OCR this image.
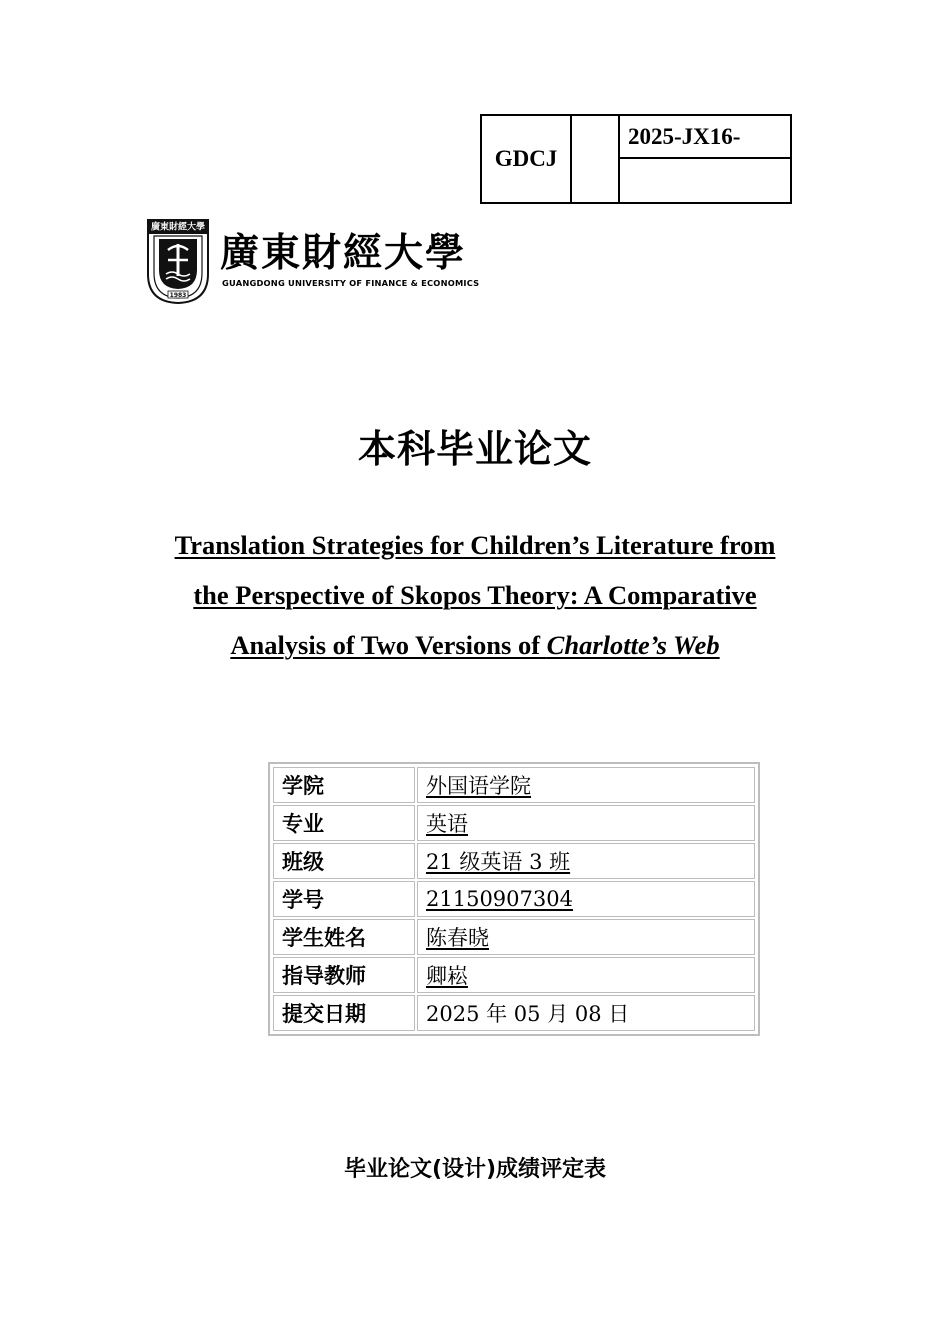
GDCJ		2025-JX16-

廣東財經大學
1983
廣東財經大學
GUANGDONG UNIVERSITY OF FINANCE & ECONOMICS
本科毕业论文
Translation Strategies for Children’s Literature from
the Perspective of Skopos Theory: A Comparative
Analysis of Two Versions of Charlotte’s Web
学院	外国语学院
专业	英语
班级	21 级英语 3 班
学号	21150907304
学生姓名	陈春晓
指导教师	卿崧
提交日期	2025 年 05 月 08 日
毕业论文(设计)成绩评定表
